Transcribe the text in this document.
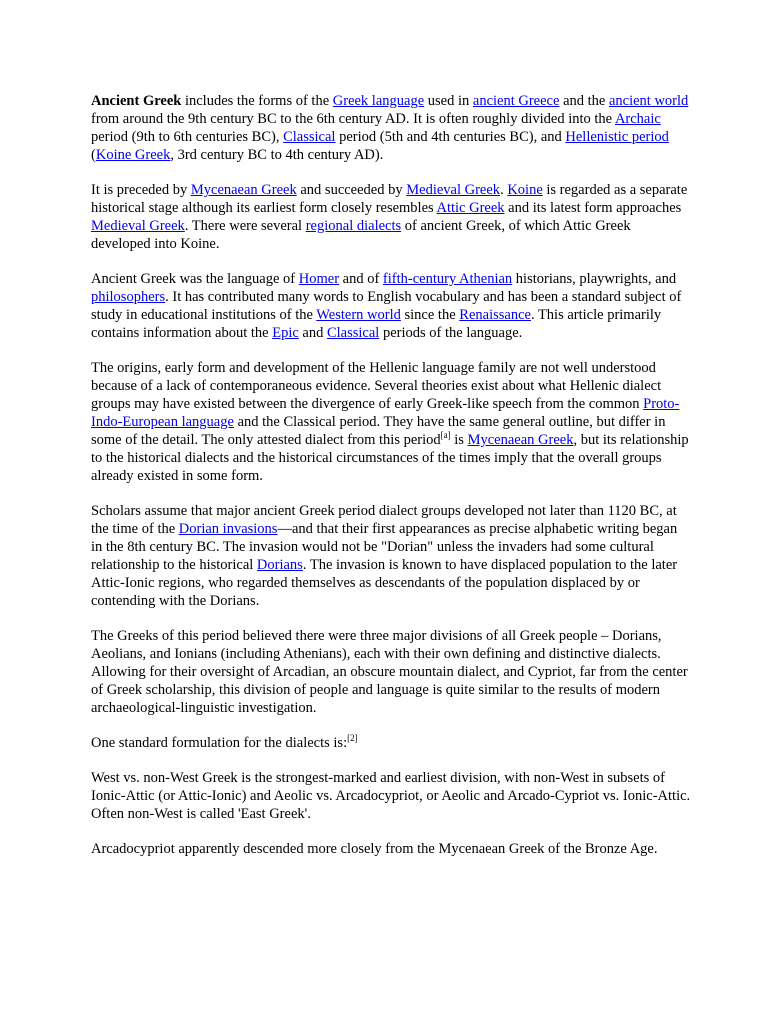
Ancient Greek includes the forms of the Greek language used in ancient Greece and the ancient world from around the 9th century BC to the 6th century AD. It is often roughly divided into the Archaic period (9th to 6th centuries BC), Classical period (5th and 4th centuries BC), and Hellenistic period (Koine Greek, 3rd century BC to 4th century AD).

It is preceded by Mycenaean Greek and succeeded by Medieval Greek. Koine is regarded as a separate historical stage although its earliest form closely resembles Attic Greek and its latest form approaches Medieval Greek. There were several regional dialects of ancient Greek, of which Attic Greek developed into Koine.

Ancient Greek was the language of Homer and of fifth-century Athenian historians, playwrights, and philosophers. It has contributed many words to English vocabulary and has been a standard subject of study in educational institutions of the Western world since the Renaissance. This article primarily contains information about the Epic and Classical periods of the language.

The origins, early form and development of the Hellenic language family are not well understood because of a lack of contemporaneous evidence. Several theories exist about what Hellenic dialect groups may have existed between the divergence of early Greek-like speech from the common Proto-Indo-European language and the Classical period. They have the same general outline, but differ in some of the detail. The only attested dialect from this period[a] is Mycenaean Greek, but its relationship to the historical dialects and the historical circumstances of the times imply that the overall groups already existed in some form.

Scholars assume that major ancient Greek period dialect groups developed not later than 1120 BC, at the time of the Dorian invasions—and that their first appearances as precise alphabetic writing began in the 8th century BC. The invasion would not be "Dorian" unless the invaders had some cultural relationship to the historical Dorians. The invasion is known to have displaced population to the later Attic-Ionic regions, who regarded themselves as descendants of the population displaced by or contending with the Dorians.

The Greeks of this period believed there were three major divisions of all Greek people – Dorians, Aeolians, and Ionians (including Athenians), each with their own defining and distinctive dialects. Allowing for their oversight of Arcadian, an obscure mountain dialect, and Cypriot, far from the center of Greek scholarship, this division of people and language is quite similar to the results of modern archaeological-linguistic investigation.

One standard formulation for the dialects is:[2]

West vs. non-West Greek is the strongest-marked and earliest division, with non-West in subsets of Ionic-Attic (or Attic-Ionic) and Aeolic vs. Arcadocypriot, or Aeolic and Arcado-Cypriot vs. Ionic-Attic. Often non-West is called 'East Greek'.

Arcadocypriot apparently descended more closely from the Mycenaean Greek of the Bronze Age.
